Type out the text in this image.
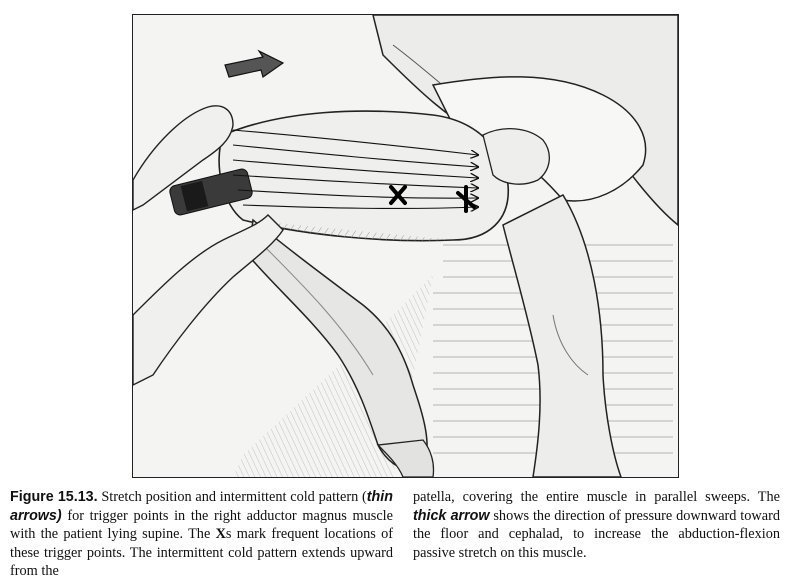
Figure 15.13. Stretch position and intermittent cold pattern (thin arrows) for trigger points in the right adductor magnus muscle with the patient lying supine. The Xs mark frequent locations of these trigger points. The intermittent cold pattern extends upward from the
patella, covering the entire muscle in parallel sweeps. The thick arrow shows the direction of pressure downward toward the floor and cephalad, to increase the abduction-flexion passive stretch on this muscle.
